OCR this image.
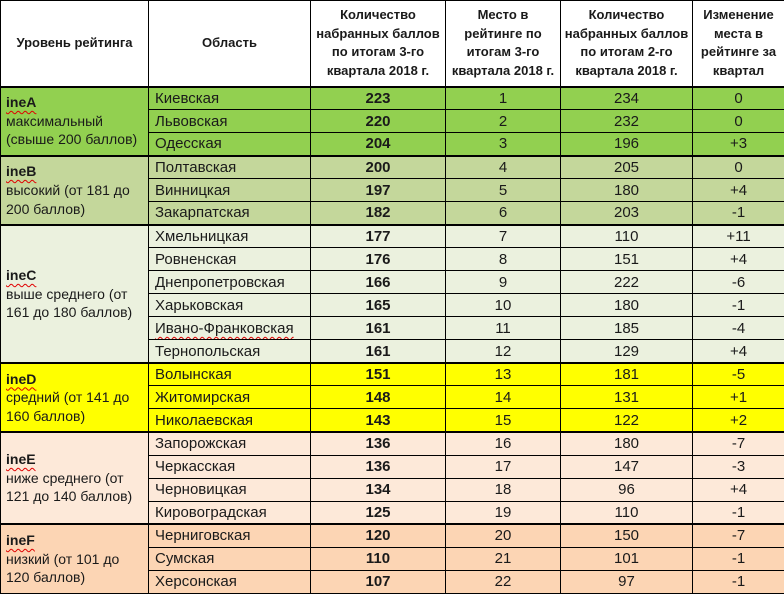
Уровень рейтинга	Область	Количество набранных баллов по итогам 3-го квартала 2018 г.	Место в рейтинге по итогам 3-го квартала 2018 г.	Количество набранных баллов по итогам 2-го квартала 2018 г.	Изменение места в рейтинге за квартал

ineA
максимальный (свыше 200 баллов)	Киевская	223	1	234	0
	Львовская	220	2	232	0
	Одесская	204	3	196	+3

ineB
высокий (от 181 до 200 баллов)	Полтавская	200	4	205	0
	Винницкая	197	5	180	+4
	Закарпатская	182	6	203	-1

ineC
выше среднего (от 161 до 180 баллов)	Хмельницкая	177	7	110	+11
	Ровненская	176	8	151	+4
	Днепропетровская	166	9	222	-6
	Харьковская	165	10	180	-1
	Ивано-Франковская	161	11	185	-4
	Тернопольская	161	12	129	+4

ineD
средний (от 141 до 160 баллов)	Волынская	151	13	181	-5
	Житомирская	148	14	131	+1
	Николаевская	143	15	122	+2

ineE
ниже среднего (от 121 до 140 баллов)	Запорожская	136	16	180	-7
	Черкасская	136	17	147	-3
	Черновицкая	134	18	96	+4
	Кировоградская	125	19	110	-1

ineF
низкий (от 101 до 120 баллов)	Черниговская	120	20	150	-7
	Сумская	110	21	101	-1
	Херсонская	107	22	97	-1
